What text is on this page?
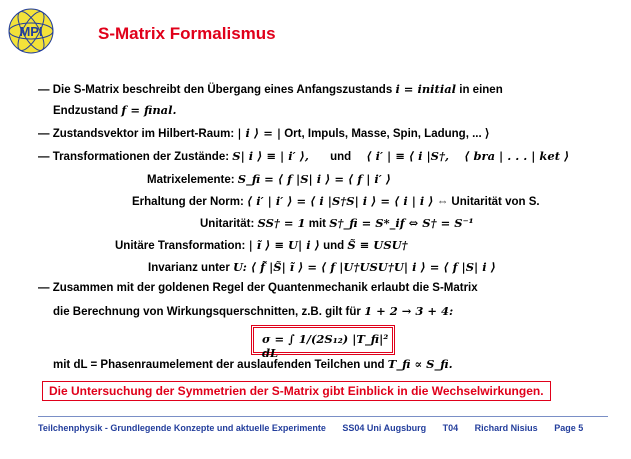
MPI	S-Matrix Formalismus
— Die S-Matrix beschreibt den Übergang eines Anfangszustands i = initial in einen
Endzustand f = final.
— Zustandsvektor im Hilbert-Raum: | i ⟩ = | Ort, Impuls, Masse, Spin, Ladung, ... ⟩
— Transformationen der Zustände: S| i ⟩ ≡ | i′ ⟩, und ⟨ i′ | ≡ ⟨ i |S†, ⟨ bra | . . . | ket ⟩
Matrixelemente: S_fi = ⟨ f |S| i ⟩ = ⟨ f | i′ ⟩
Erhaltung der Norm: ⟨ i′ | i′ ⟩ = ⟨ i |S†S| i ⟩ = ⟨ i | i ⟩ ⇔ Unitarität von S.
Unitarität: SS† = 1 mit S†_fi = S*_if ⇔ S† = S⁻¹
Unitäre Transformation: | ĩ ⟩ ≡ U| i ⟩ und S̃ ≡ USU†
Invarianz unter U: ⟨ f̃ |S̃| ĩ ⟩ = ⟨ f |U†USU†U| i ⟩ = ⟨ f |S| i ⟩
— Zusammen mit der goldenen Regel der Quantenmechanik erlaubt die S-Matrix
die Berechnung von Wirkungsquerschnitten, z.B. gilt für 1 + 2 → 3 + 4:
σ = ∫ 1/(2S₁₂) |T_fi|² dL
mit dL = Phasenraumelement der auslaufenden Teilchen und T_fi ∝ S_fi.
Die Untersuchung der Symmetrien der S-Matrix gibt Einblick in die Wechselwirkungen.
Teilchenphysik - Grundlegende Konzepte und aktuelle Experimente SS04 Uni Augsburg T04 Richard Nisius Page 5
